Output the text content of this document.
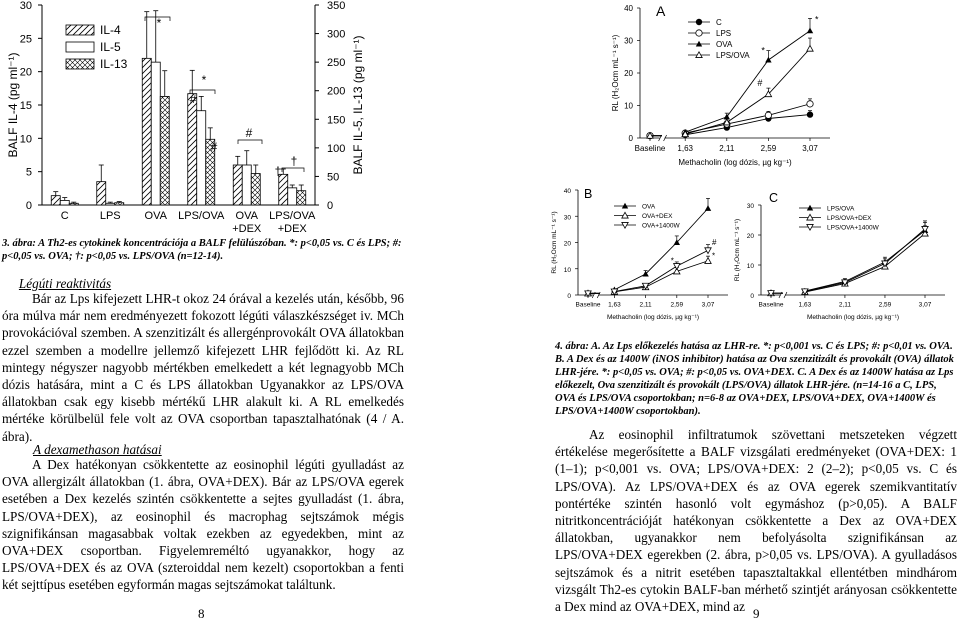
0
5
10
15
20
25
30
0
50
100
150
200
250
300
350
BALF IL-4 (pg ml⁻¹)	BALF IL-5, IL-13 (pg ml⁻¹)
C	LPS OVA LPS/OVA OVA
+DEX
LPS/OVA
+DEX
IL-4
IL-5
IL-13
*
*
#
#
#
†
†
0
10
20
30
40
Baseline 1,63	2,11	2,59	3,07
Methacholin (log dózis, µg kg⁻¹)
RL (H₂Ocm mL⁻¹ s⁻¹)
A
C
LPS
OVA
LPS/OVA
*
*
#
0
10
20
30
40
Baseline 1,63	2,11	2,59	3,07
Methacholin (log dózis, µg kg⁻¹)
RL (H₂Ocm mL⁻¹ s⁻¹)
B
OVA
OVA+DEX
OVA+1400W
*
*
#
0
10
20
30
Baseline 1,63	2,11	2,59	3,07
Methacholin (log dózis, µg kg⁻¹)
RL (H₂Ocm mL⁻¹ s⁻¹)
C
LPS/OVA
LPS/OVA+DEX
LPS/OVA+1400W
3. ábra: A Th2-es cytokinek koncentrációja a BALF felülúszóban. *: p<0,05 vs. C és LPS; #: p<0,05 vs. OVA; †: p<0,05 vs. LPS/OVA (n=12-14).
Légúti reaktivitás
Bár az Lps kifejezett LHR-t okoz 24 órával a kezelés után, később, 96 óra múlva már nem eredményezett fokozott légúti válaszkészséget iv. MCh provokációval szemben. A szenzitizált és allergénprovokált OVA állatokban ezzel szemben a modellre jellemző kifejezett LHR fejlődött ki. Az RL mintegy négyszer nagyobb mértékben emelkedett a két legnagyobb MCh dózis hatására, mint a C és LPS állatokban Ugyanakkor az LPS/OVA állatokban csak egy kisebb mértékű LHR alakult ki. A RL emelkedés mértéke körülbelül fele volt az OVA csoportban tapasztalhatónak (4 / A. ábra).
A dexamethason hatásai
A Dex hatékonyan csökkentette az eosinophil légúti gyulladást az OVA allergizált állatokban (1. ábra, OVA+DEX). Bár az LPS/OVA egerek esetében a Dex kezelés szintén csökkentette a sejtes gyulladást (1. ábra, LPS/OVA+DEX), az eosinophil és macrophag sejtszámok mégis szignifikánsan magasabbak voltak ezekben az egyedekben, mint az OVA+DEX csoportban. Figyelemreméltó ugyanakkor, hogy az LPS/OVA+DEX és az OVA (szteroiddal nem kezelt) csoportokban a fenti két sejttípus esetében egyformán magas sejtszámokat találtunk.
8
4. ábra: A. Az Lps előkezelés hatása az LHR-re. *: p<0,001 vs. C és LPS; #: p<0,01 vs. OVA. B. A Dex és az 1400W (iNOS inhibitor) hatása az Ova szenzitizált és provokált (OVA) állatok LHR-jére. *: p<0,05 vs. OVA; #: p<0,05 vs. OVA+DEX. C. A Dex és az 1400W hatása az Lps előkezelt, Ova szenzitizált és provokált (LPS/OVA) állatok LHR-jére. (n=14-16 a C, LPS, OVA és LPS/OVA csoportokban; n=6-8 az OVA+DEX, LPS/OVA+DEX, OVA+1400W és LPS/OVA+1400W csoportokban).
Az eosinophil infiltratumok szövettani metszeteken végzett értékelése megerősítette a BALF vizsgálati eredményeket (OVA+DEX: 1 (1–1); p<0,001 vs. OVA; LPS/OVA+DEX: 2 (2–2); p<0,05 vs. C és LPS/OVA). Az LPS/OVA+DEX és az OVA egerek szemikvantitatív pontértéke szintén hasonló volt egymáshoz (p>0,05). A BALF nitritkoncentrációját hatékonyan csökkentette a Dex az OVA+DEX állatokban, ugyanakkor nem befolyásolta szignifikánsan az LPS/OVA+DEX egerekben (2. ábra, p>0,05 vs. LPS/OVA). A gyulladásos sejtszámok és a nitrit esetében tapasztaltakkal ellentétben mindhárom vizsgált Th2-es cytokin BALF-ban mérhető szintjét arányosan csökkentette a Dex mind az OVA+DEX, mind az 9
